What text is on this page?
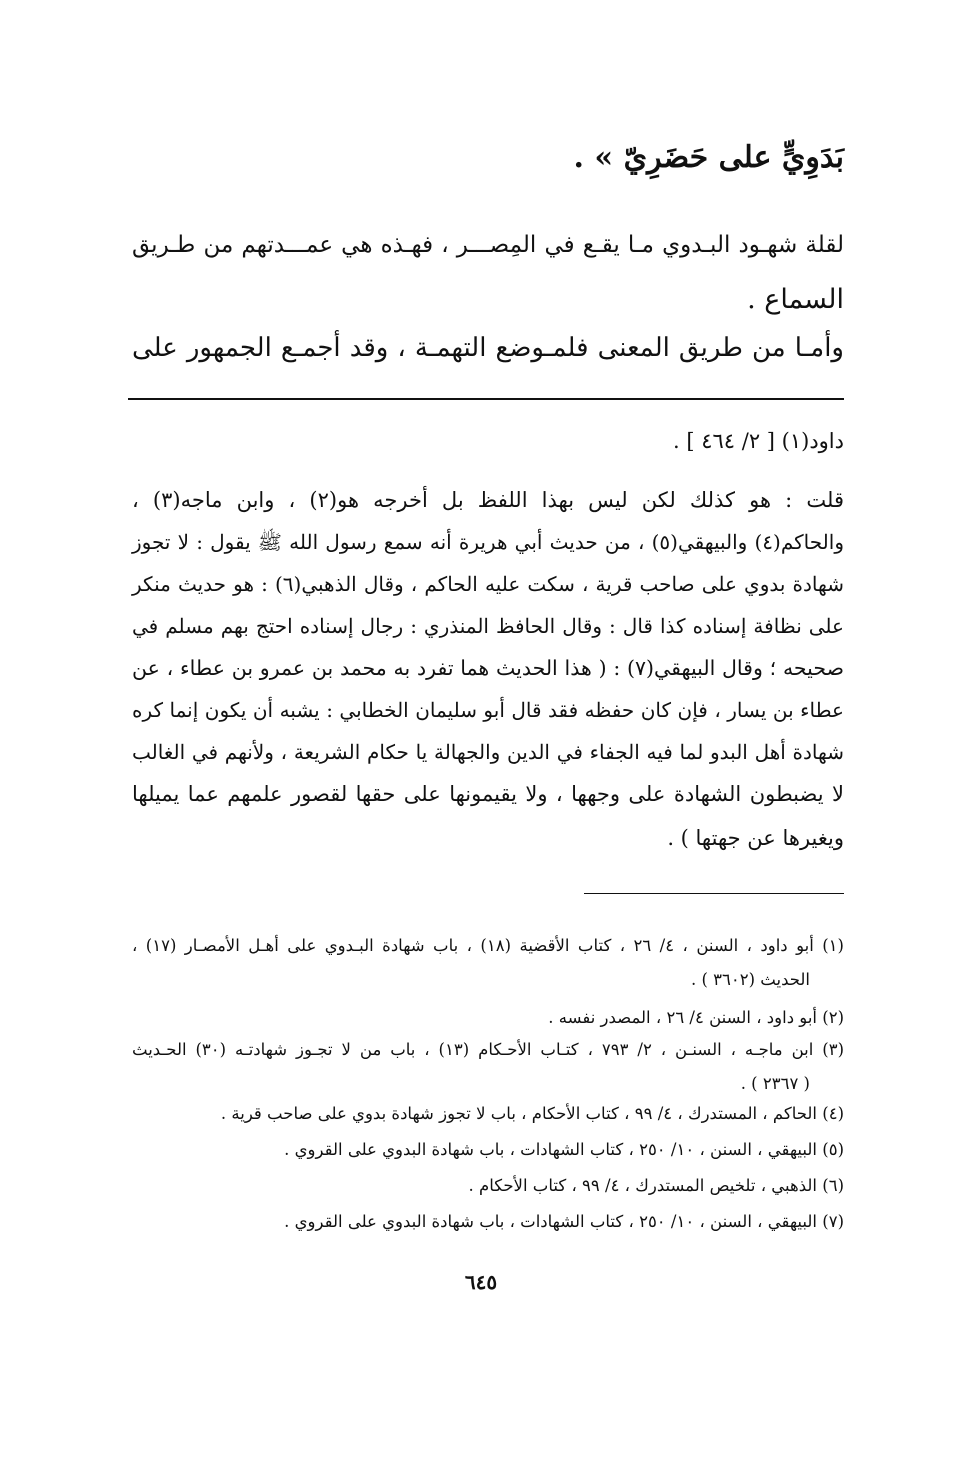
بَدَوِيٍّ على حَضَرِيّ » .
لقلة شهـود البـدوي مـا يقـع في المِصـــر ، فهـذه هي عمـــدتهم من طـريق
السماع .
وأمـا من طريق المعنى فلمـوضع التهمـة ، وقد أجمـع الجمهور على
داود(١) [ ٢/ ٤٦٤ ] .
قلت : هو كذلك لكن ليس بهذا اللفظ بل أخرجه هو(٢) ، وابن ماجه(٣) ،
والحاكم(٤) والبيهقي(٥) ، من حديث أبي هريرة أنه سمع رسول الله ﷺ يقول : لا تجوز
شهادة بدوي على صاحب قرية ، سكت عليه الحاكم ، وقال الذهبي(٦) : هو حديث منكر
على نظافة إسناده كذا قال : وقال الحافظ المنذري : رجال إسناده احتج بهم مسلم في
صحيحه ؛ وقال البيهقي(٧) : ( هذا الحديث هما تفرد به محمد بن عمرو بن عطاء ، عن
عطاء بن يسار ، فإن كان حفظه فقد قال أبو سليمان الخطابي : يشبه أن يكون إنما كره
شهادة أهل البدو لما فيه الجفاء في الدين والجهالة يا حكام الشريعة ، ولأنهم في الغالب
لا يضبطون الشهادة على وجهها ، ولا يقيمونها على حقها لقصور علمهم عما يميلها
ويغيرها عن جهتها ) .
(١) أبو داود ، السنن ، ٤/ ٢٦ ، كتاب الأقضية (١٨) ، باب شهادة البـدوي على أهـل الأمصـار (١٧) ،
الحديث (٣٦٠٢ ) .
(٢) أبو داود ، السنن ٤/ ٢٦ ، المصدر نفسه .
(٣) ابن ماجـه ، السنـن ، ٢/ ٧٩٣ ، كتـاب الأحـكام (١٣) ، باب من لا تجـوز شهادتـه (٣٠) الحـديث
( ٢٣٦٧ ) .
(٤) الحاكم ، المستدرك ، ٤/ ٩٩ ، كتاب الأحكام ، باب لا تجوز شهادة بدوي على صاحب قرية .
(٥) البيهقي ، السنن ، ١٠/ ٢٥٠ ، كتاب الشهادات ، باب شهادة البدوي على القروي .
(٦) الذهبي ، تلخيص المستدرك ، ٤/ ٩٩ ، كتاب الأحكام .
(٧) البيهقي ، السنن ، ١٠/ ٢٥٠ ، كتاب الشهادات ، باب شهادة البدوي على القروي .
٦٤٥
